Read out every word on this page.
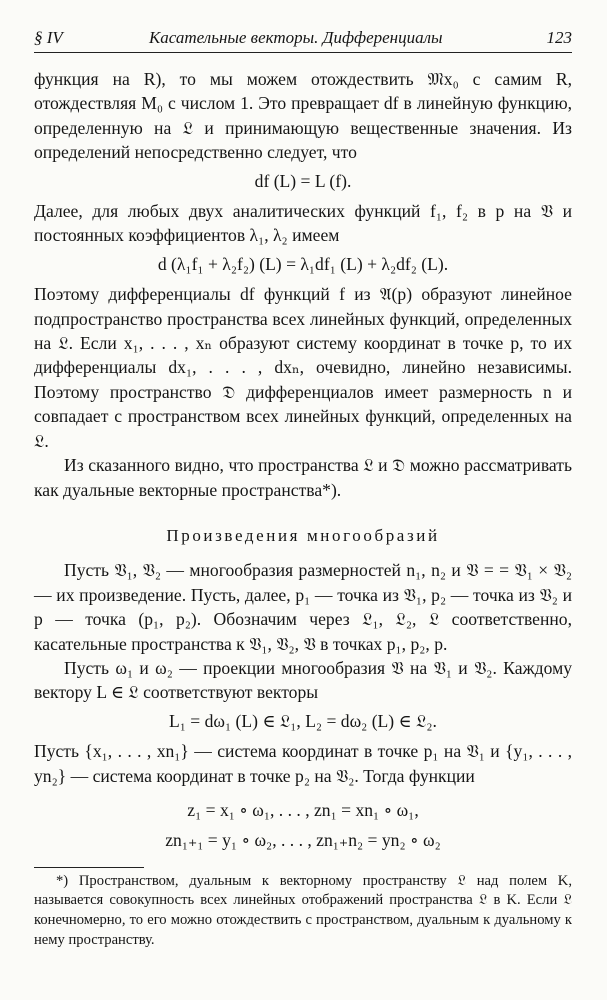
§ IV	Касательные векторы. Дифференциалы	123

функция на R), то мы можем отождествить 𝔐x₀ с самим R, отождествляя M₀ с числом 1. Это превращает df в линейную функцию, определенную на 𝔏 и принимающую вещественные значения. Из определений непосредственно следует, что

df (L) = L (f).

Далее, для любых двух аналитических функций f₁, f₂ в p на 𝔙 и постоянных коэффициентов λ₁, λ₂ имеем

d (λ₁f₁ + λ₂f₂) (L) = λ₁df₁ (L) + λ₂df₂ (L).

Поэтому дифференциалы df функций f из 𝔄(p) образуют линейное подпространство пространства всех линейных функций, определенных на 𝔏. Если x₁, . . . , xₙ образуют систему координат в точке p, то их дифференциалы dx₁, . . . , dxₙ, очевидно, линейно независимы. Поэтому пространство 𝔇 дифференциалов имеет размерность n и совпадает с пространством всех линейных функций, определенных на 𝔏.

Из сказанного видно, что пространства 𝔏 и 𝔇 можно рассматривать как дуальные векторные пространства*).

Произведения многообразий

Пусть 𝔙₁, 𝔙₂ — многообразия размерностей n₁, n₂ и 𝔙 = = 𝔙₁ × 𝔙₂ — их произведение. Пусть, далее, p₁ — точка из 𝔙₁, p₂ — точка из 𝔙₂ и p — точка (p₁, p₂). Обозначим через 𝔏₁, 𝔏₂, 𝔏 соответственно, касательные пространства к 𝔙₁, 𝔙₂, 𝔙 в точках p₁, p₂, p.

Пусть ω₁ и ω₂ — проекции многообразия 𝔙 на 𝔙₁ и 𝔙₂. Каждому вектору L ∈ 𝔏 соответствуют векторы

L₁ = dω₁ (L) ∈ 𝔏₁, L₂ = dω₂ (L) ∈ 𝔏₂.

Пусть {x₁, . . . , xn₁} — система координат в точке p₁ на 𝔙₁ и {y₁, . . . , yn₂} — система координат в точке p₂ на 𝔙₂. Тогда функции

z₁ = x₁ ∘ ω₁, . . . , zn₁ = xn₁ ∘ ω₁,
zn₁₊₁ = y₁ ∘ ω₂, . . . , zn₁₊n₂ = yn₂ ∘ ω₂

*) Пространством, дуальным к векторному пространству 𝔏 над полем K, называется совокупность всех линейных отображений пространства 𝔏 в K. Если 𝔏 конечномерно, то его можно отождествить с пространством, дуальным к дуальному к нему пространству.
